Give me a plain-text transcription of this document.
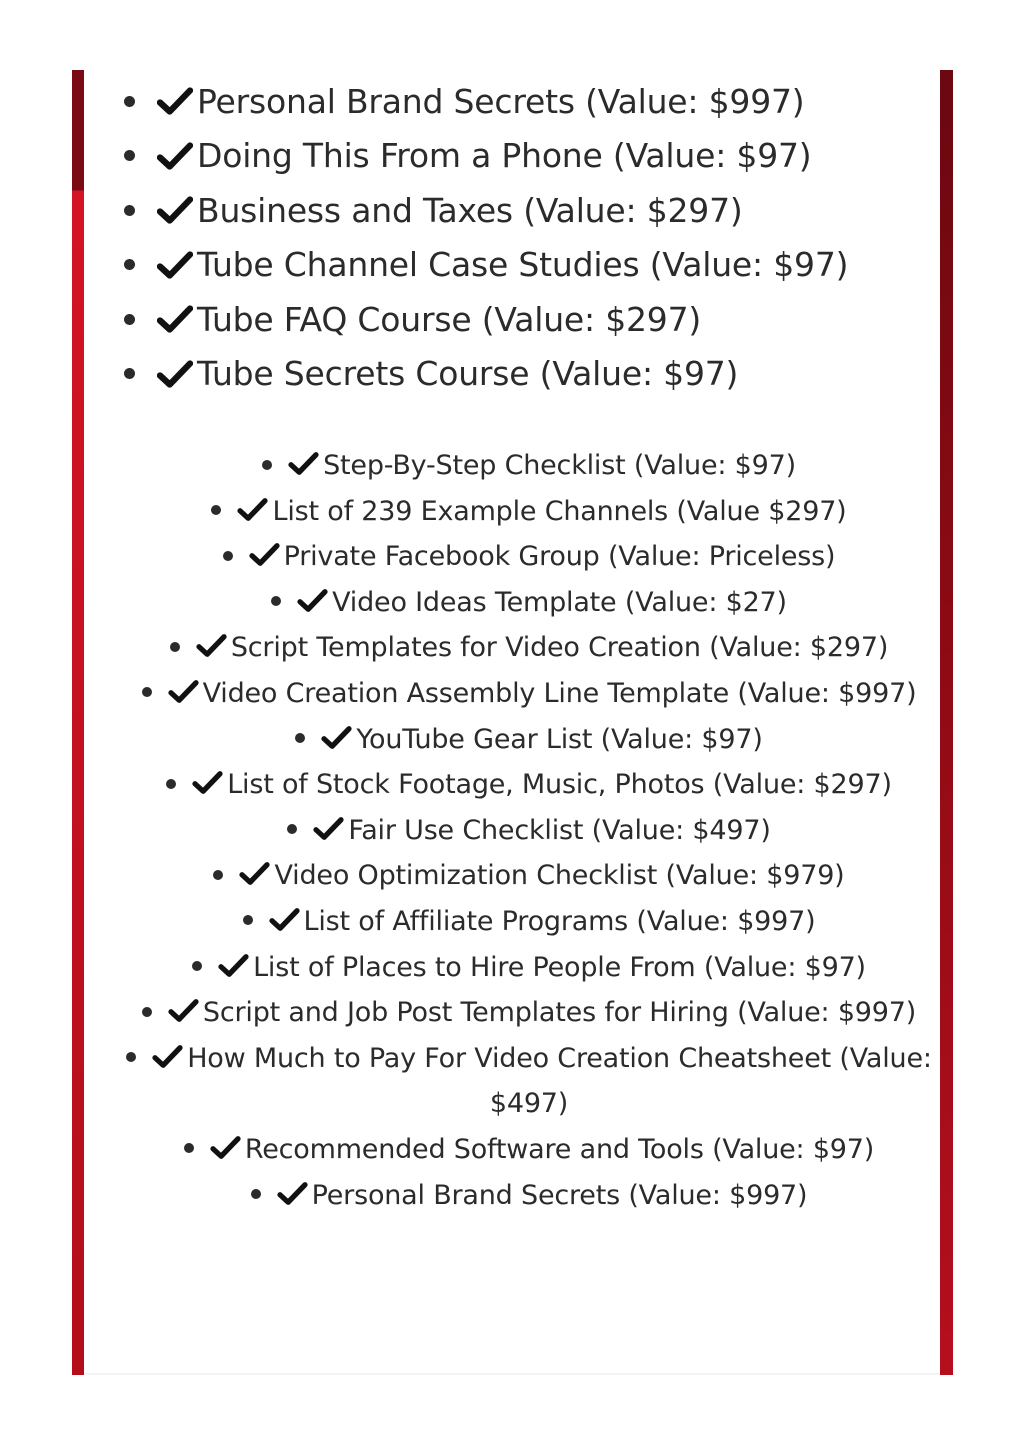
Personal Brand Secrets (Value: $997)
Doing This From a Phone (Value: $97)
Business and Taxes (Value: $297)
Tube Channel Case Studies (Value: $97)
Tube FAQ Course (Value: $297)
Tube Secrets Course (Value: $97)
Step-By-Step Checklist (Value: $97)
List of 239 Example Channels (Value $297)
Private Facebook Group (Value: Priceless)
Video Ideas Template (Value: $27)
Script Templates for Video Creation (Value: $297)
Video Creation Assembly Line Template (Value: $997)
YouTube Gear List (Value: $97)
List of Stock Footage, Music, Photos (Value: $297)
Fair Use Checklist (Value: $497)
Video Optimization Checklist (Value: $979)
List of Affiliate Programs (Value: $997)
List of Places to Hire People From (Value: $97)
Script and Job Post Templates for Hiring (Value: $997)
How Much to Pay For Video Creation Cheatsheet (Value: $497)
Recommended Software and Tools (Value: $97)
Personal Brand Secrets (Value: $997)
